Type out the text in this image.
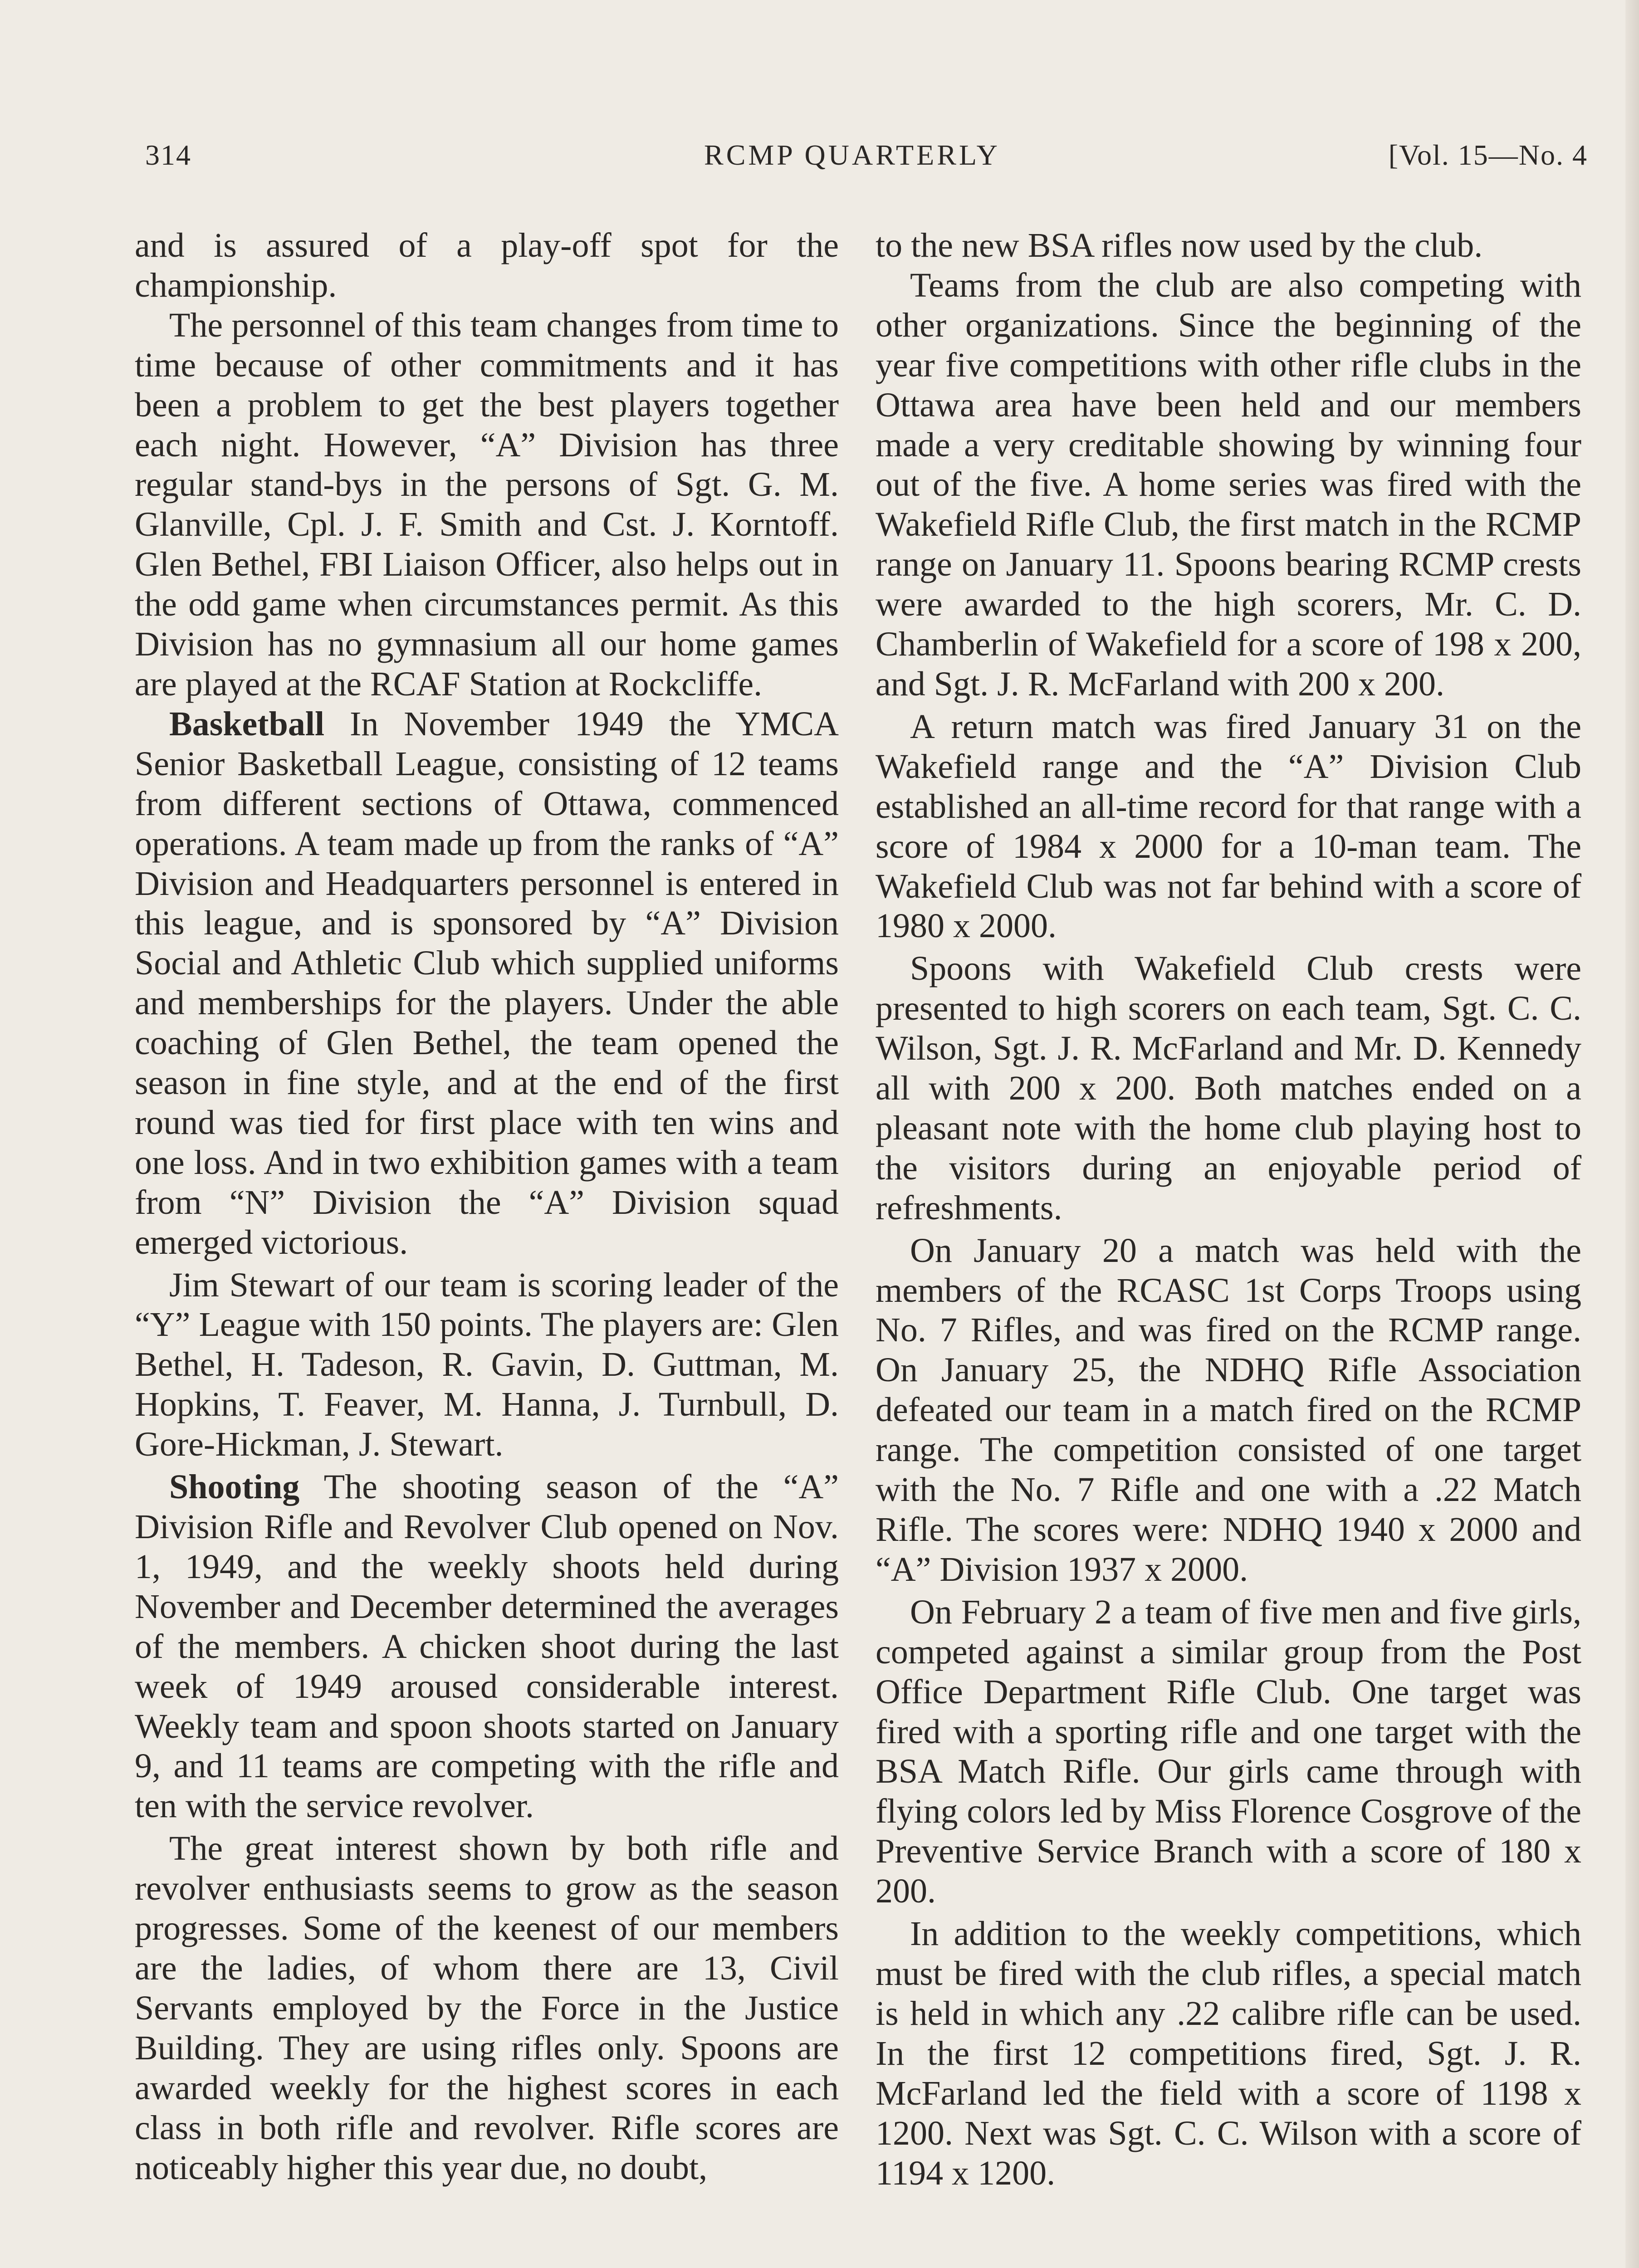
314	RCMP QUARTERLY	[Vol. 15—No. 4

and is assured of a play-off spot for the championship.

The personnel of this team changes from time to time because of other commitments and it has been a problem to get the best players together each night. However, “A” Division has three regular stand-bys in the persons of Sgt. G. M. Glanville, Cpl. J. F. Smith and Cst. J. Korntoff. Glen Bethel, FBI Liaison Officer, also helps out in the odd game when circumstances permit. As this Division has no gymnasium all our home games are played at the RCAF Station at Rockcliffe.

Basketball In November 1949 the YMCA Senior Basketball League, consisting of 12 teams from different sections of Ottawa, commenced operations. A team made up from the ranks of “A” Division and Headquarters personnel is entered in this league, and is sponsored by “A” Division Social and Athletic Club which supplied uniforms and memberships for the players. Under the able coaching of Glen Bethel, the team opened the season in fine style, and at the end of the first round was tied for first place with ten wins and one loss. And in two exhibition games with a team from “N” Division the “A” Division squad emerged victorious.

Jim Stewart of our team is scoring leader of the “Y” League with 150 points. The players are: Glen Bethel, H. Tadeson, R. Gavin, D. Guttman, M. Hopkins, T. Feaver, M. Hanna, J. Turnbull, D. Gore-Hickman, J. Stewart.

Shooting The shooting season of the “A” Division Rifle and Revolver Club opened on Nov. 1, 1949, and the weekly shoots held during November and December determined the averages of the members. A chicken shoot during the last week of 1949 aroused considerable interest. Weekly team and spoon shoots started on January 9, and 11 teams are competing with the rifle and ten with the service revolver.

The great interest shown by both rifle and revolver enthusiasts seems to grow as the season progresses. Some of the keenest of our members are the ladies, of whom there are 13, Civil Servants employed by the Force in the Justice Building. They are using rifles only. Spoons are awarded weekly for the highest scores in each class in both rifle and revolver. Rifle scores are noticeably higher this year due, no doubt,

to the new BSA rifles now used by the club.

Teams from the club are also competing with other organizations. Since the beginning of the year five competitions with other rifle clubs in the Ottawa area have been held and our members made a very creditable showing by winning four out of the five. A home series was fired with the Wakefield Rifle Club, the first match in the RCMP range on January 11. Spoons bearing RCMP crests were awarded to the high scorers, Mr. C. D. Chamberlin of Wakefield for a score of 198 x 200, and Sgt. J. R. McFarland with 200 x 200.

A return match was fired January 31 on the Wakefield range and the “A” Division Club established an all-time record for that range with a score of 1984 x 2000 for a 10-man team. The Wakefield Club was not far behind with a score of 1980 x 2000.

Spoons with Wakefield Club crests were presented to high scorers on each team, Sgt. C. C. Wilson, Sgt. J. R. McFarland and Mr. D. Kennedy all with 200 x 200. Both matches ended on a pleasant note with the home club playing host to the visitors during an enjoyable period of refreshments.

On January 20 a match was held with the members of the RCASC 1st Corps Troops using No. 7 Rifles, and was fired on the RCMP range. On January 25, the NDHQ Rifle Association defeated our team in a match fired on the RCMP range. The competition consisted of one target with the No. 7 Rifle and one with a .22 Match Rifle. The scores were: NDHQ 1940 x 2000 and “A” Division 1937 x 2000.

On February 2 a team of five men and five girls, competed against a similar group from the Post Office Department Rifle Club. One target was fired with a sporting rifle and one target with the BSA Match Rifle. Our girls came through with flying colors led by Miss Florence Cosgrove of the Preventive Service Branch with a score of 180 x 200.

In addition to the weekly competitions, which must be fired with the club rifles, a special match is held in which any .22 calibre rifle can be used. In the first 12 competitions fired, Sgt. J. R. McFarland led the field with a score of 1198 x 1200. Next was Sgt. C. C. Wilson with a score of 1194 x 1200.
